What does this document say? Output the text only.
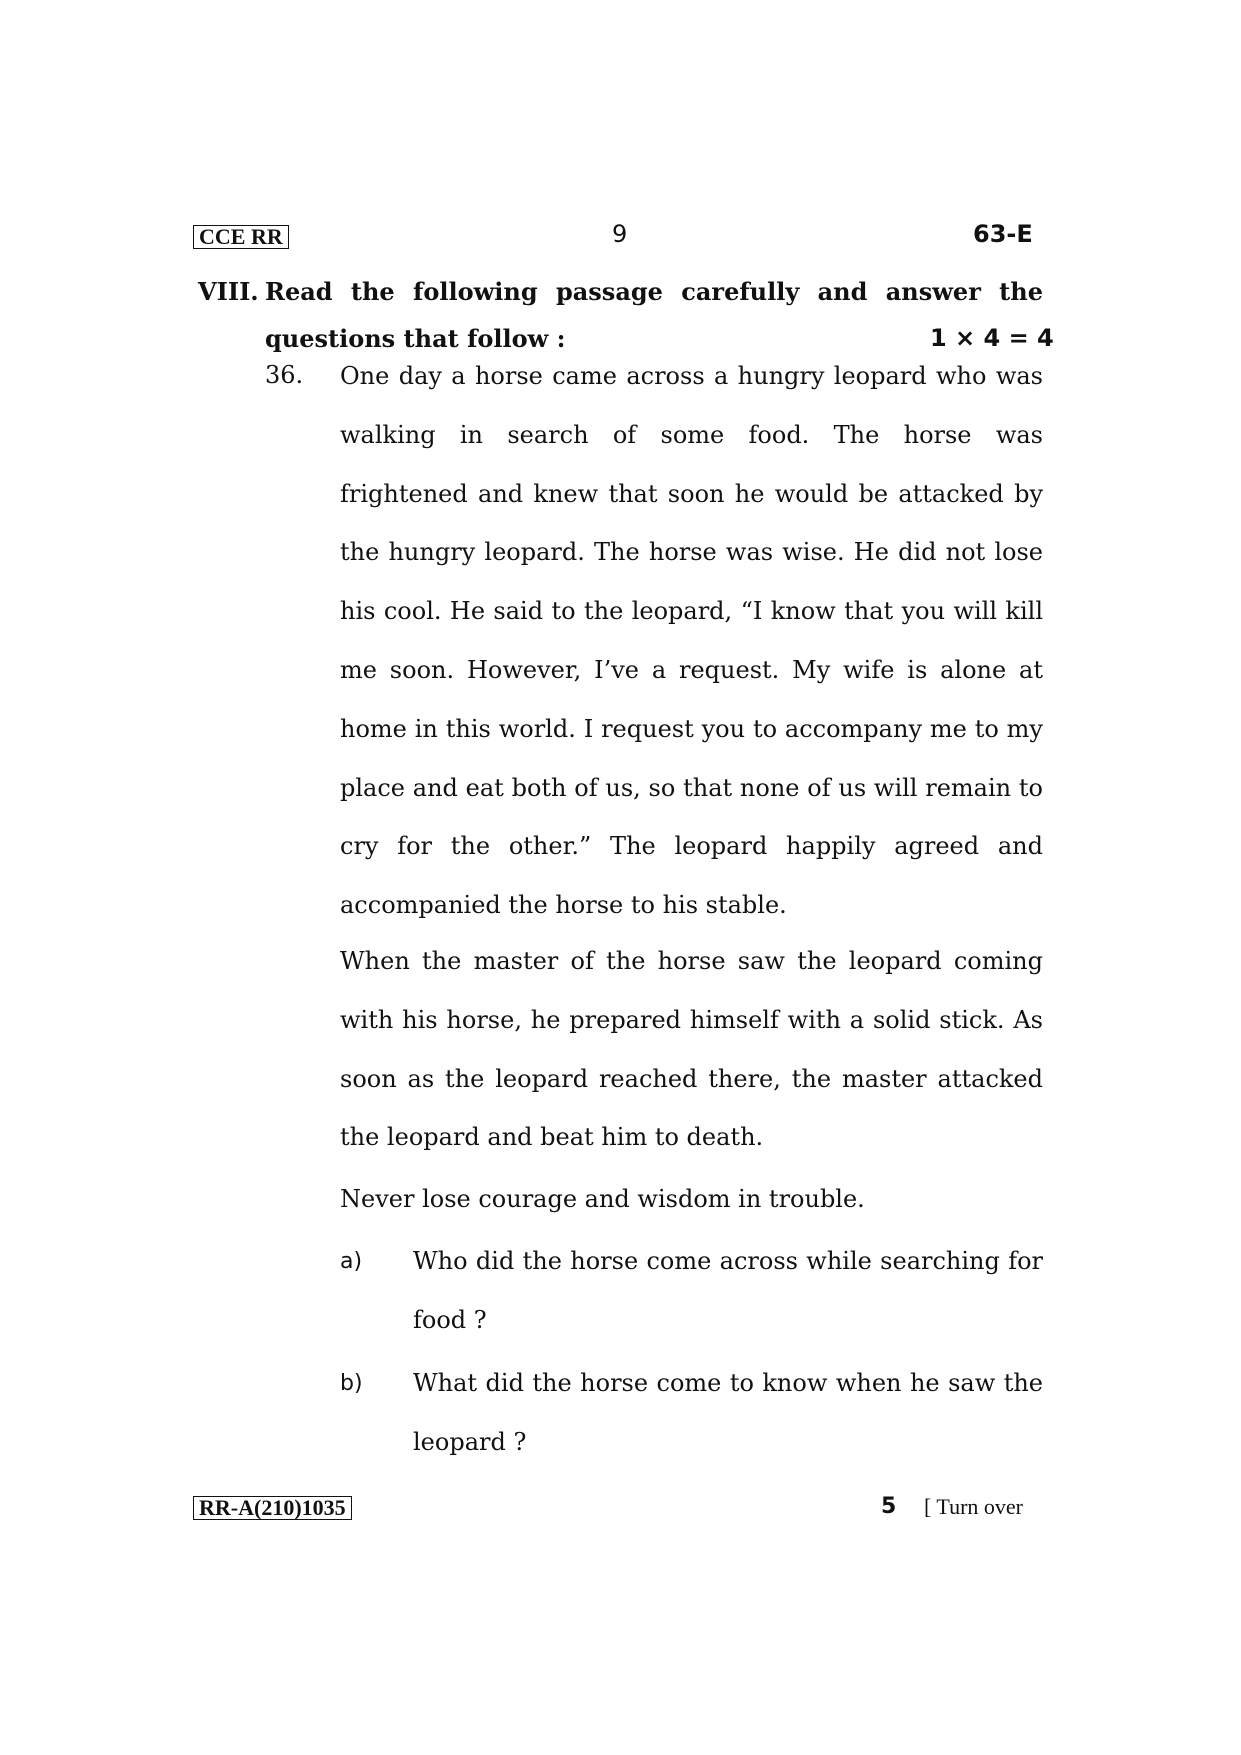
CCE RR	9	63-E
VIII. Read the following passage carefully and answer the
questions that follow :	1 × 4 = 4
36. One day a horse came across a hungry leopard who was walking in search of some food. The horse was frightened and knew that soon he would be attacked by the hungry leopard. The horse was wise. He did not lose his cool. He said to the leopard, “I know that you will kill me soon. However, I’ve a request. My wife is alone at home in this world. I request you to accompany me to my place and eat both of us, so that none of us will remain to cry for the other.” The leopard happily agreed and accompanied the horse to his stable.
When the master of the horse saw the leopard coming with his horse, he prepared himself with a solid stick. As soon as the leopard reached there, the master attacked the leopard and beat him to death.
Never lose courage and wisdom in trouble.
a) Who did the horse come across while searching for food ?
b) What did the horse come to know when he saw the leopard ?
RR-A(210)1035	5 [ Turn over
